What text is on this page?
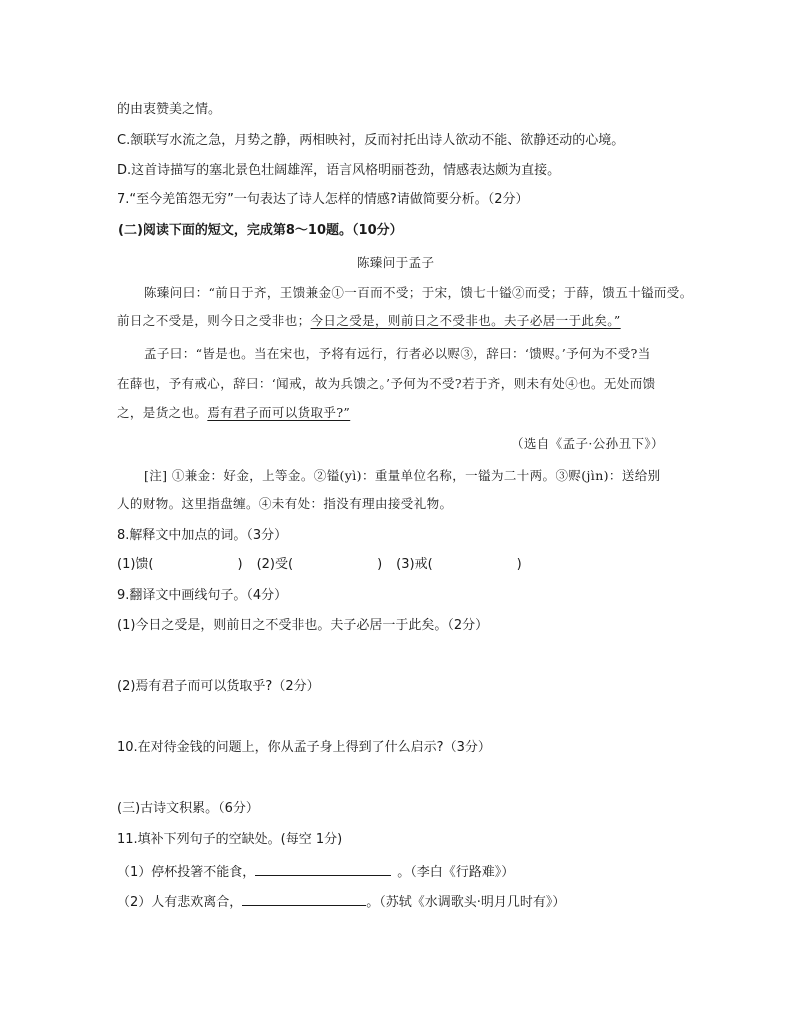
的由衷赞美之情。
C.颔联写水流之急，月势之静，两相映衬，反而衬托出诗人欲动不能、欲静还动的心境。
D.这首诗描写的塞北景色壮阔雄浑，语言风格明丽苍劲，情感表达颇为直接。
7.“至今羌笛怨无穷”一句表达了诗人怎样的情感?请做简要分析。（2分）
(二)阅读下面的短文，完成第8～10题。（10分）
陈臻问于孟子
陈臻问曰：“前日于齐，王馈兼金①一百而不受；于宋，馈七十镒②而受；于薛，馈五十镒而受。
前日之不受是，则今日之受非也；今日之受是，则前日之不受非也。夫子必居一于此矣。”
孟子曰：“皆是也。当在宋也，予将有远行，行者必以赆③，辞曰：‘馈赆。’予何为不受?当
在薛也，予有戒心，辞曰：‘闻戒，故为兵馈之。’予何为不受?若于齐，则未有处④也。无处而馈
之，是货之也。焉有君子而可以货取乎?”
（选自《孟子·公孙丑下》）
[注] ①兼金：好金，上等金。②镒(yì)：重量单位名称，一镒为二十两。③赆(jìn)：送给别
人的财物。这里指盘缠。④未有处：指没有理由接受礼物。
8.解释文中加点的词。（3分）
(1)馈(	) (2)受(	) (3)戒(	)
9.翻译文中画线句子。（4分）
(1)今日之受是，则前日之不受非也。夫子必居一于此矣。（2分）
(2)焉有君子而可以货取乎?（2分）
10.在对待金钱的问题上，你从孟子身上得到了什么启示?（3分）
(三)古诗文积累。（6分）
11.填补下列句子的空缺处。(每空 1分)
（1）停杯投箸不能食，	。（李白《行路难》）
（2）人有悲欢离合，	。（苏轼《水调歌头·明月几时有》）
